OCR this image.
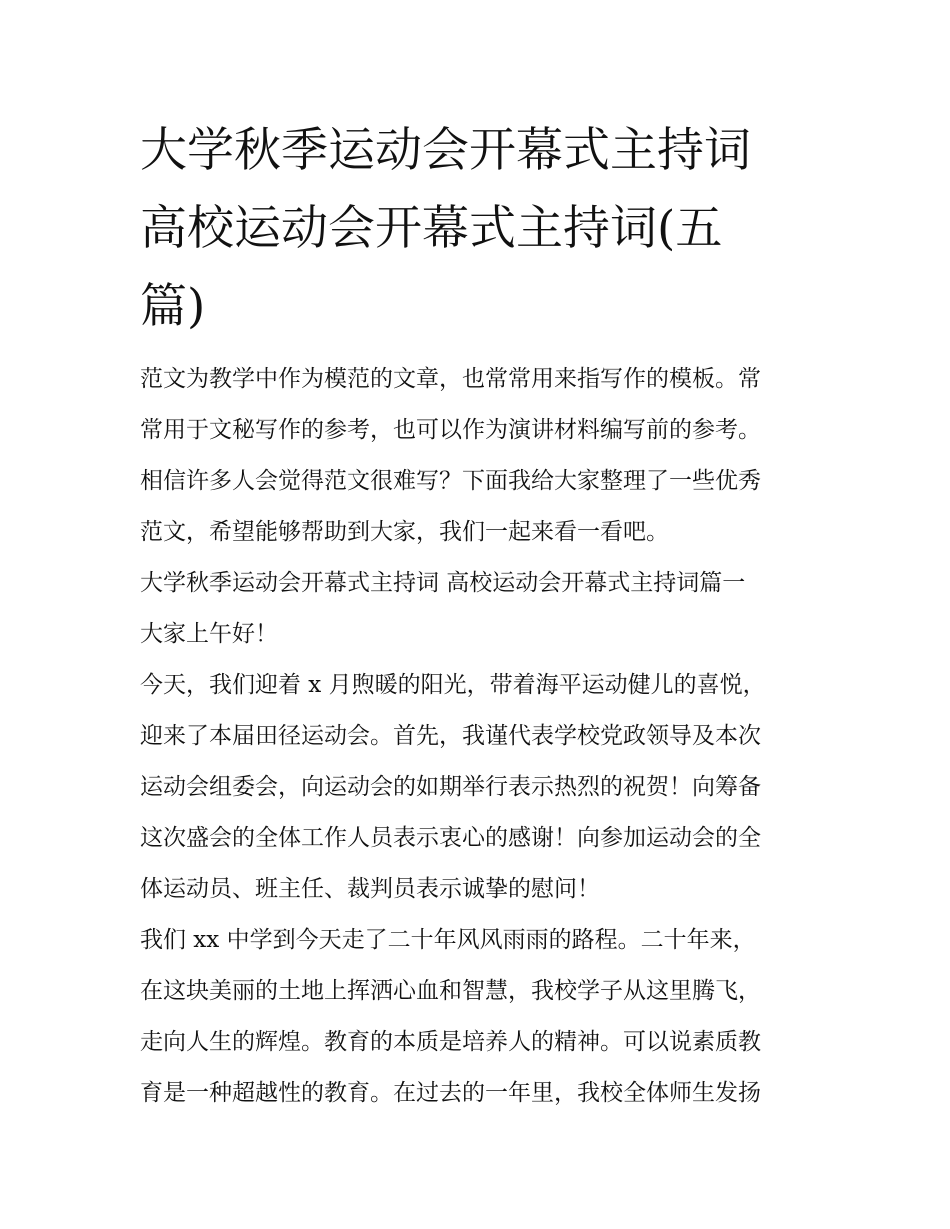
大学秋季运动会开幕式主持词
高校运动会开幕式主持词(五
篇)

范文为教学中作为模范的文章，也常常用来指写作的模板。常
常用于文秘写作的参考，也可以作为演讲材料编写前的参考。
相信许多人会觉得范文很难写？下面我给大家整理了一些优秀
范文，希望能够帮助到大家，我们一起来看一看吧。

大学秋季运动会开幕式主持词 高校运动会开幕式主持词篇一

大家上午好！

今天，我们迎着 x 月煦暖的阳光，带着海平运动健儿的喜悦，
迎来了本届田径运动会。首先，我谨代表学校党政领导及本次
运动会组委会，向运动会的如期举行表示热烈的祝贺！向筹备
这次盛会的全体工作人员表示衷心的感谢！向参加运动会的全
体运动员、班主任、裁判员表示诚挚的慰问！

我们 xx 中学到今天走了二十年风风雨雨的路程。二十年来，
在这块美丽的土地上挥洒心血和智慧，我校学子从这里腾飞，
走向人生的辉煌。教育的本质是培养人的精神。可以说素质教
育是一种超越性的教育。在过去的一年里，我校全体师生发扬
